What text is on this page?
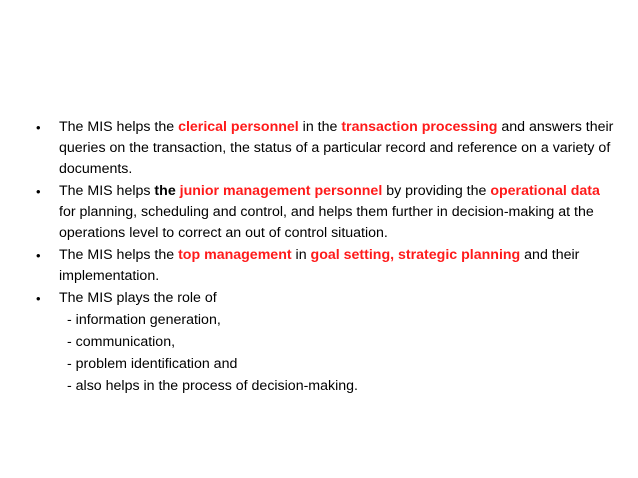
• The MIS helps the clerical personnel in the transaction processing and answers their queries on the transaction, the status of a particular record and reference on a variety of documents.
• The MIS helps the junior management personnel by providing the operational data for planning, scheduling and control, and helps them further in decision-making at the operations level to correct an out of control situation.
• The MIS helps the top management in goal setting, strategic planning and their implementation.
• The MIS plays the role of
- information generation,
- communication,
- problem identification and
- also helps in the process of decision-making.
